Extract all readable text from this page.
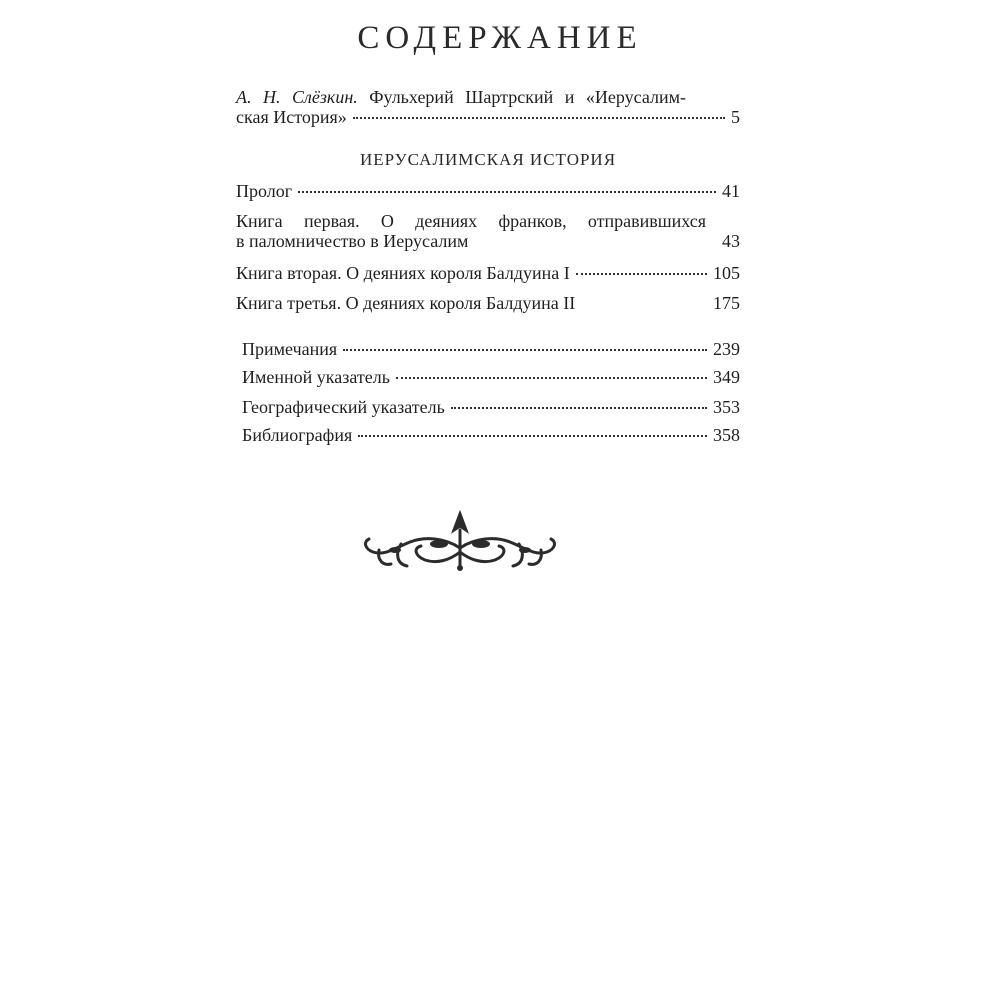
СОДЕРЖАНИЕ
А. Н. Слёзкин. Фульхерий Шартрский и «Иерусалим-
ская История»	5
ИЕРУСАЛИМСКАЯ ИСТОРИЯ
Пролог	41
Книга первая. О деяниях франков, отправившихся
в паломничество в Иерусалим	43
Книга вторая. О деяниях короля Балдуина I	105
Книга третья. О деяниях короля Балдуина II	175
Примечания	239
Именной указатель	349
Географический указатель	353
Библиография	358
